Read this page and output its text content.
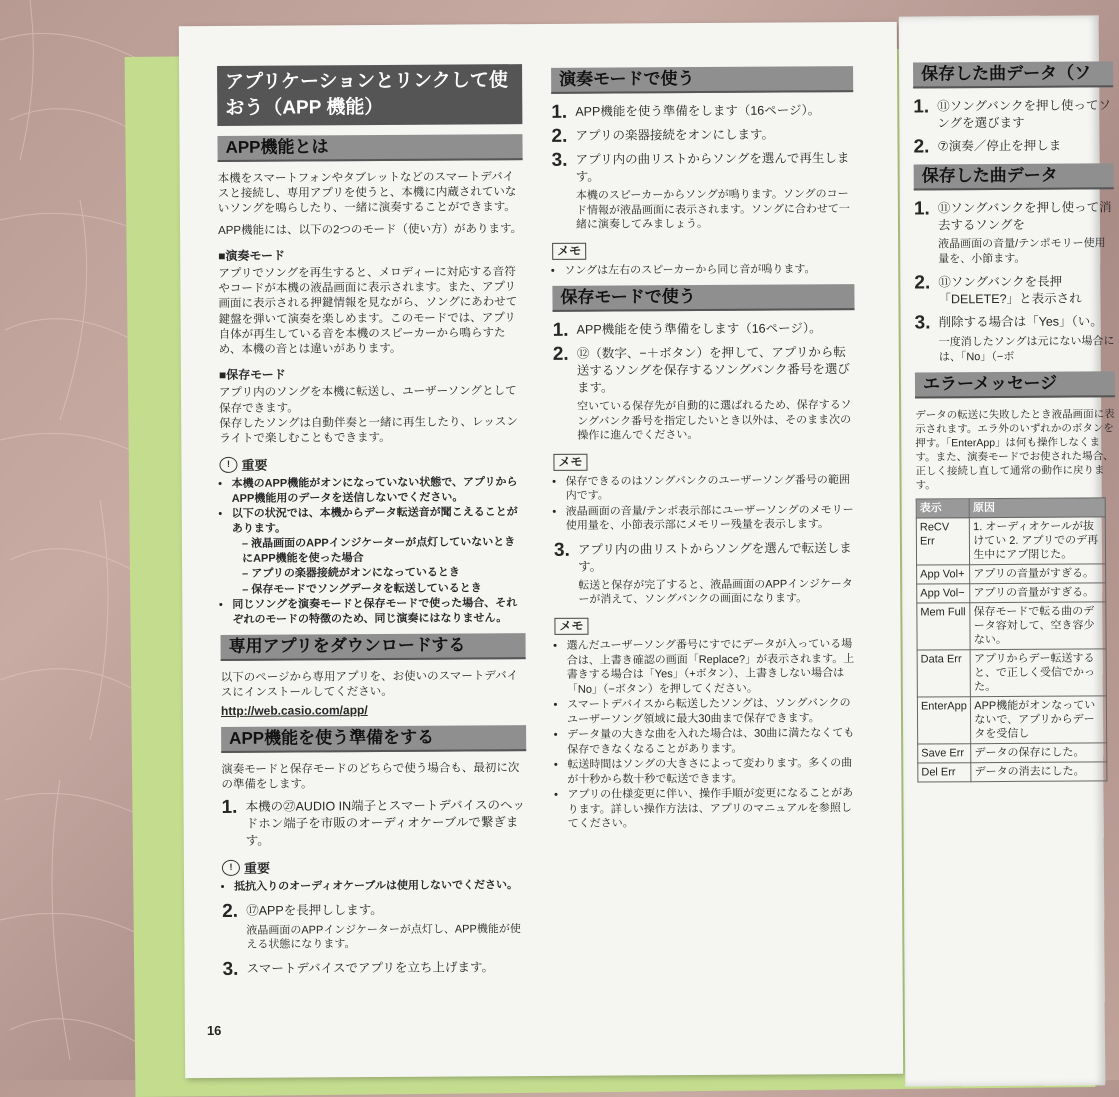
アプリケーションとリンクして使おう（APP 機能）
APP機能とは

本機をスマートフォンやタブレットなどのスマートデバイスと接続し、専用アプリを使うと、本機に内蔵されていないソングを鳴らしたり、一緒に演奏することができます。

APP機能には、以下の2つのモード（使い方）があります。

■演奏モード

アプリでソングを再生すると、メロディーに対応する音符やコードが本機の液晶画面に表示されます。また、アプリ画面に表示される押鍵情報を見ながら、ソングにあわせて鍵盤を弾いて演奏を楽しめます。このモードでは、アプリ自体が再生している音を本機のスピーカーから鳴らすため、本機の音とは違いがあります。

■保存モード

アプリ内のソングを本機に転送し、ユーザーソングとして保存できます。

保存したソングは自動伴奏と一緒に再生したり、レッスンライトで楽しむこともできます。

! 重要
• 本機のAPP機能がオンになっていない状態で、アプリからAPP機能用のデータを送信しないでください。
• 以下の状況では、本機からデータ転送音が聞こえることがあります。
– 液晶画面のAPPインジケーターが点灯していないときにAPP機能を使った場合
– アプリの楽器接続がオンになっているとき
– 保存モードでソングデータを転送しているとき
• 同じソングを演奏モードと保存モードで使った場合、それぞれのモードの特徴のため、同じ演奏にはなりません。
専用アプリをダウンロードする

以下のページから専用アプリを、お使いのスマートデバイスにインストールしてください。

http://web.casio.com/app/
APP機能を使う準備をする

演奏モードと保存モードのどちらで使う場合も、最初に次の準備をします。

1. 本機の㉗AUDIO IN端子とスマートデバイスのヘッドホン端子を市販のオーディオケーブルで繋ぎます。
! 重要
• 抵抗入りのオーディオケーブルは使用しないでください。
2. ⑰APPを長押しします。
液晶画面のAPPインジケーターが点灯し、APP機能が使える状態になります。
3. スマートデバイスでアプリを立ち上げます。
演奏モードで使う
1. APP機能を使う準備をします（16ページ）。
2. アプリの楽器接続をオンにします。
3. アプリ内の曲リストからソングを選んで再生します。
本機のスピーカーからソングが鳴ります。ソングのコード情報が液晶画面に表示されます。ソングに合わせて一緒に演奏してみましょう。
メモ
• ソングは左右のスピーカーから同じ音が鳴ります。
保存モードで使う
1. APP機能を使う準備をします（16ページ）。
2. ⑫（数字、−＋ボタン）を押して、アプリから転送するソングを保存するソングバンク番号を選びます。
空いている保存先が自動的に選ばれるため、保存するソングバンク番号を指定したいとき以外は、そのまま次の操作に進んでください。
メモ
• 保存できるのはソングバンクのユーザーソング番号の範囲内です。
• 液晶画面の音量/テンポ表示部にユーザーソングのメモリー使用量を、小節表示部にメモリー残量を表示します。
3. アプリ内の曲リストからソングを選んで転送します。
転送と保存が完了すると、液晶画面のAPPインジケーターが消えて、ソングバンクの画面になります。
メモ
• 選んだユーザーソング番号にすでにデータが入っている場合は、上書き確認の画面「Replace?」が表示されます。上書きする場合は「Yes」（+ボタン）、上書きしない場合は「No」（−ボタン）を押してください。
• スマートデバイスから転送したソングは、ソングバンクのユーザーソング領域に最大30曲まで保存できます。
• データ量の大きな曲を入れた場合は、30曲に満たなくても保存できなくなることがあります。
• 転送時間はソングの大きさによって変わります。多くの曲が十秒から数十秒で転送できます。
• アプリの仕様変更に伴い、操作手順が変更になることがあります。詳しい操作方法は、アプリのマニュアルを参照してください。
16
保存した曲データ（ソ
1. ⑪ソングバンクを押し使ってソングを選びます
2. ⑦演奏／停止を押しま
保存した曲データ
1. ⑪ソングバンクを押し使って消去するソングを
液晶画面の音量/テンポモリー使用量を、小節ます。
2. ⑪ソングバンクを長押「DELETE?」と表示され
3. 削除する場合は「Yes」（い。
一度消したソングは元にない場合には、「No」（−ボ
エラーメッセージ

データの転送に失敗したとき液晶画面に表示されます。エラ外のいずれかのボタンを押す。「EnterApp」は何も操作しなくます。また、演奏モードでお使された場合、正しく接続し直して通常の動作に戻ります。

表示	原因
ReCV Err	1. オーディオケールが抜けてい 2. アプリでのデ再生中にアプ閉じた。
App Vol+	アプリの音量がすぎる。
App Vol−	アプリの音量がすぎる。
Mem Full	保存モードで転る曲のデータ容対して、空き容少ない。
Data Err	アプリからデー転送すると、で正しく受信でかった。
EnterApp	APP機能がオンなっていないで、アプリからデータを受信し
Save Err	データの保存にした。
Del Err	データの消去にした。
